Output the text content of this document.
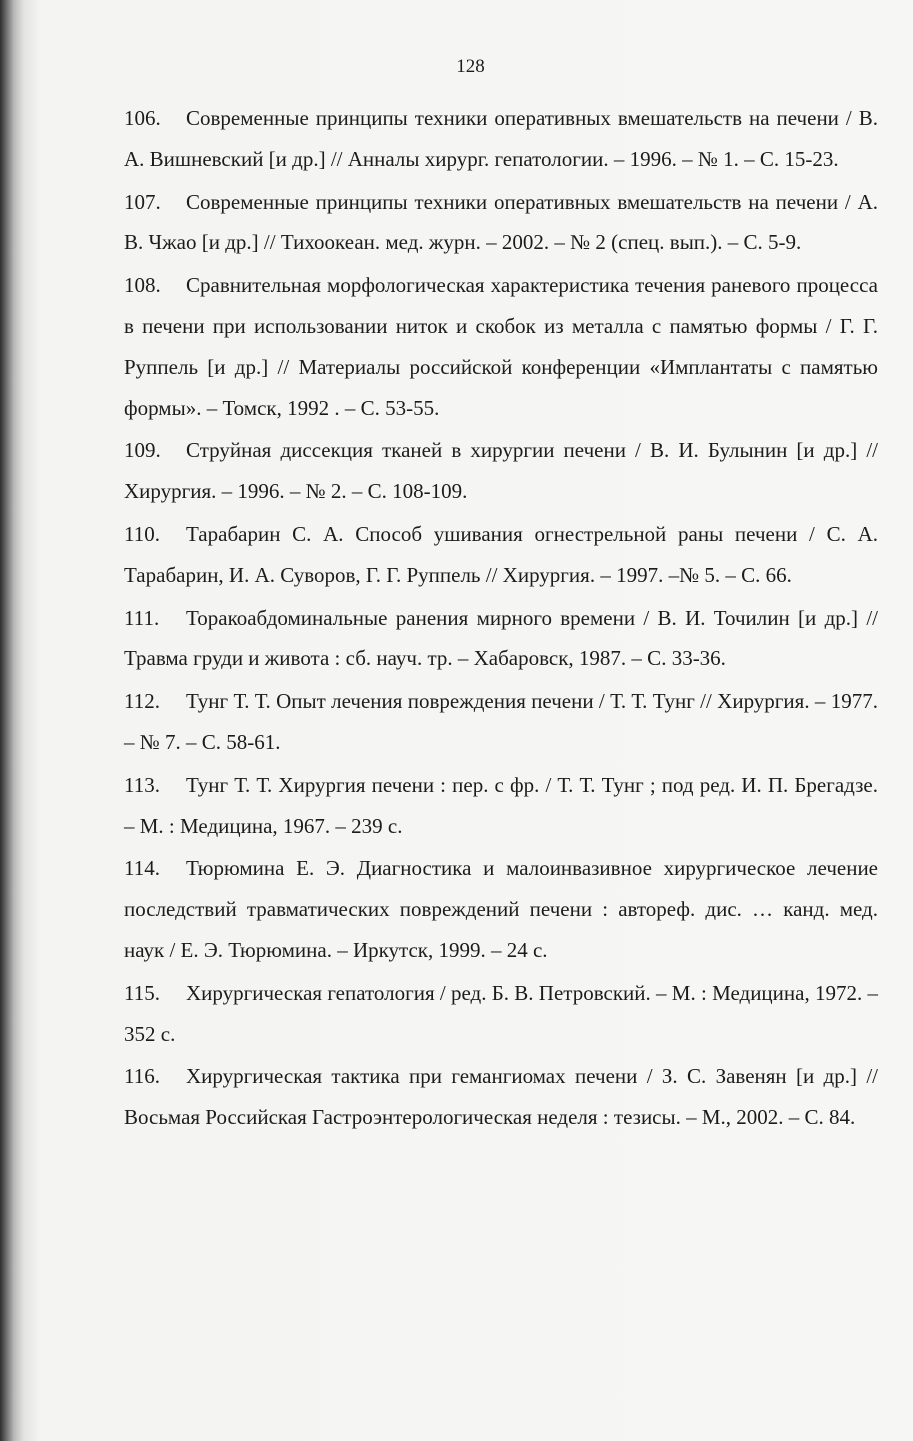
128

106. Современные принципы техники оперативных вмешательств на печени / В. А. Вишневский [и др.] // Анналы хирург. гепатологии. – 1996. – № 1. – С. 15-23.

107. Современные принципы техники оперативных вмешательств на печени / А. В. Чжао [и др.] // Тихоокеан. мед. журн. – 2002. – № 2 (спец. вып.). – С. 5-9.

108. Сравнительная морфологическая характеристика течения раневого процесса в печени при использовании ниток и скобок из металла с памятью формы / Г. Г. Руппель [и др.] // Материалы российской конференции «Имплантаты с памятью формы». – Томск, 1992 . – С. 53-55.

109. Струйная диссекция тканей в хирургии печени / В. И. Булынин [и др.] // Хирургия. – 1996. – № 2. – С. 108-109.

110. Тарабарин С. А. Способ ушивания огнестрельной раны печени / С. А. Тарабарин, И. А. Суворов, Г. Г. Руппель // Хирургия. – 1997. –№ 5. – С. 66.

111. Торакоабдоминальные ранения мирного времени / В. И. Точилин [и др.] // Травма груди и живота : сб. науч. тр. – Хабаровск, 1987. – С. 33-36.

112. Тунг Т. Т. Опыт лечения повреждения печени / Т. Т. Тунг // Хирургия. – 1977. – № 7. – С. 58-61.

113. Тунг Т. Т. Хирургия печени : пер. с фр. / Т. Т. Тунг ; под ред. И. П. Брегадзе. – М. : Медицина, 1967. – 239 с.

114. Тюрюмина Е. Э. Диагностика и малоинвазивное хирургическое лечение последствий травматических повреждений печени : автореф. дис. … канд. мед. наук / Е. Э. Тюрюмина. – Иркутск, 1999. – 24 с.

115. Хирургическая гепатология / ред. Б. В. Петровский. – М. : Медицина, 1972. – 352 с.

116. Хирургическая тактика при гемангиомах печени / З. С. Завенян [и др.] // Восьмая Российская Гастроэнтерологическая неделя : тезисы. – М., 2002. – С. 84.
